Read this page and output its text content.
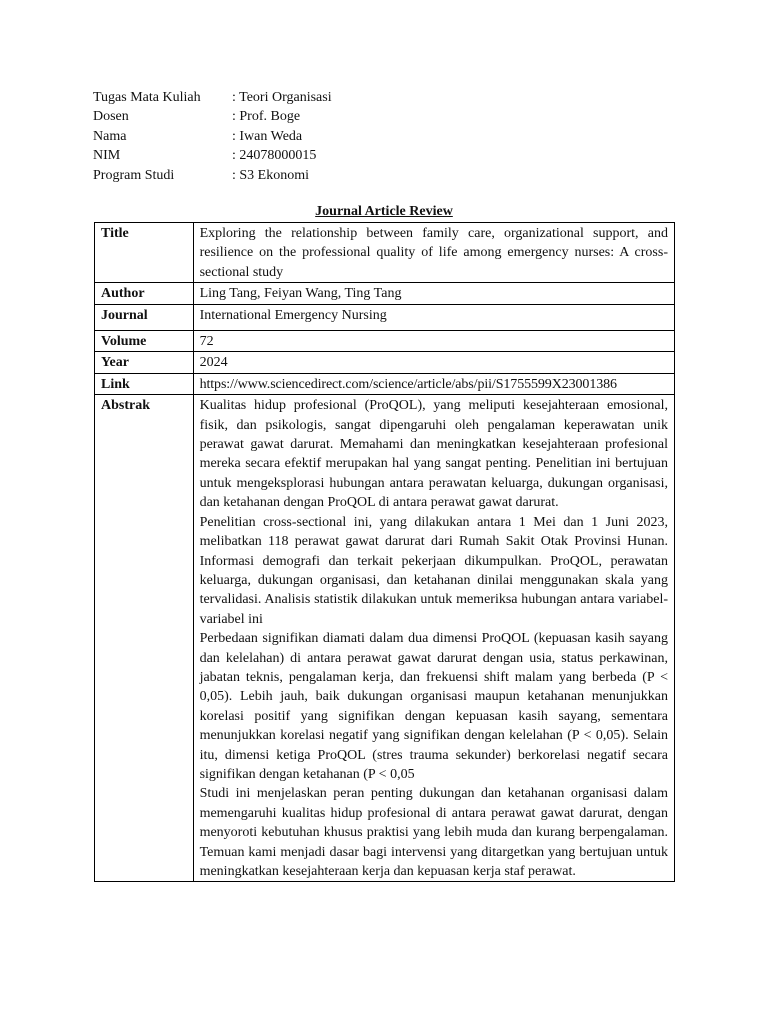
Tugas Mata Kuliah	: Teori Organisasi
Dosen	: Prof. Boge
Nama	: Iwan Weda
NIM	: 24078000015
Program Studi	: S3 Ekonomi
Journal Article Review
Title	Exploring the relationship between family care, organizational support, and resilience on the professional quality of life among emergency nurses: A cross-sectional study
Author	Ling Tang, Feiyan Wang, Ting Tang
Journal	International Emergency Nursing
Volume	72
Year	2024
Link	https://www.sciencedirect.com/science/article/abs/pii/S1755599X23001386
Abstrak	Kualitas hidup profesional (ProQOL), yang meliputi kesejahteraan emosional, fisik, dan psikologis, sangat dipengaruhi oleh pengalaman keperawatan unik perawat gawat darurat. Memahami dan meningkatkan kesejahteraan profesional mereka secara efektif merupakan hal yang sangat penting. Penelitian ini bertujuan untuk mengeksplorasi hubungan antara perawatan keluarga, dukungan organisasi, dan ketahanan dengan ProQOL di antara perawat gawat darurat.
Penelitian cross-sectional ini, yang dilakukan antara 1 Mei dan 1 Juni 2023, melibatkan 118 perawat gawat darurat dari Rumah Sakit Otak Provinsi Hunan. Informasi demografi dan terkait pekerjaan dikumpulkan. ProQOL, perawatan keluarga, dukungan organisasi, dan ketahanan dinilai menggunakan skala yang tervalidasi. Analisis statistik dilakukan untuk memeriksa hubungan antara variabel-variabel ini
Perbedaan signifikan diamati dalam dua dimensi ProQOL (kepuasan kasih sayang dan kelelahan) di antara perawat gawat darurat dengan usia, status perkawinan, jabatan teknis, pengalaman kerja, dan frekuensi shift malam yang berbeda (P < 0,05). Lebih jauh, baik dukungan organisasi maupun ketahanan menunjukkan korelasi positif yang signifikan dengan kepuasan kasih sayang, sementara menunjukkan korelasi negatif yang signifikan dengan kelelahan (P < 0,05). Selain itu, dimensi ketiga ProQOL (stres trauma sekunder) berkorelasi negatif secara signifikan dengan ketahanan (P < 0,05
Studi ini menjelaskan peran penting dukungan dan ketahanan organisasi dalam memengaruhi kualitas hidup profesional di antara perawat gawat darurat, dengan menyoroti kebutuhan khusus praktisi yang lebih muda dan kurang berpengalaman. Temuan kami menjadi dasar bagi intervensi yang ditargetkan yang bertujuan untuk meningkatkan kesejahteraan kerja dan kepuasan kerja staf perawat.
